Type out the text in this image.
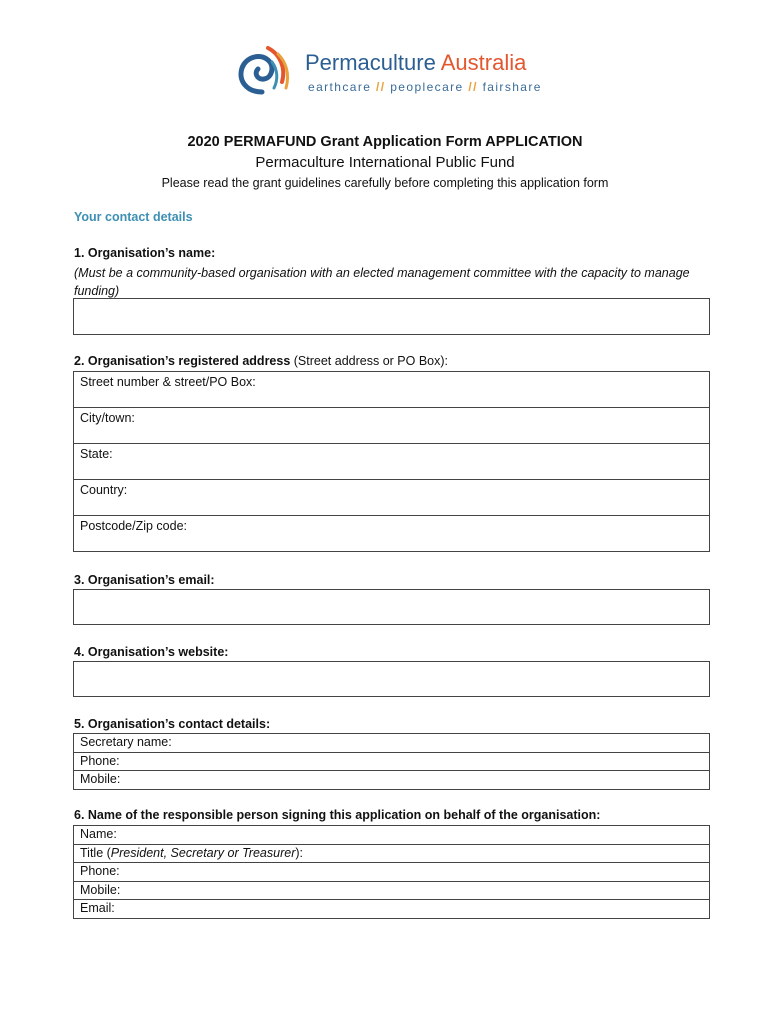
Permaculture Australia
earthcare // peoplecare // fairshare
2020 PERMAFUND Grant Application Form APPLICATION
Permaculture International Public Fund
Please read the grant guidelines carefully before completing this application form
Your contact details
1. Organisation’s name:
(Must be a community-based organisation with an elected management committee with the capacity to manage funding)
2. Organisation’s registered address (Street address or PO Box):
Street number & street/PO Box:
City/town:
State:
Country:
Postcode/Zip code:
3. Organisation’s email:
4. Organisation’s website:
5. Organisation’s contact details:
Secretary name:
Phone:
Mobile:
6. Name of the responsible person signing this application on behalf of the organisation:
Name:
Title (President, Secretary or Treasurer):
Phone:
Mobile:
Email:
